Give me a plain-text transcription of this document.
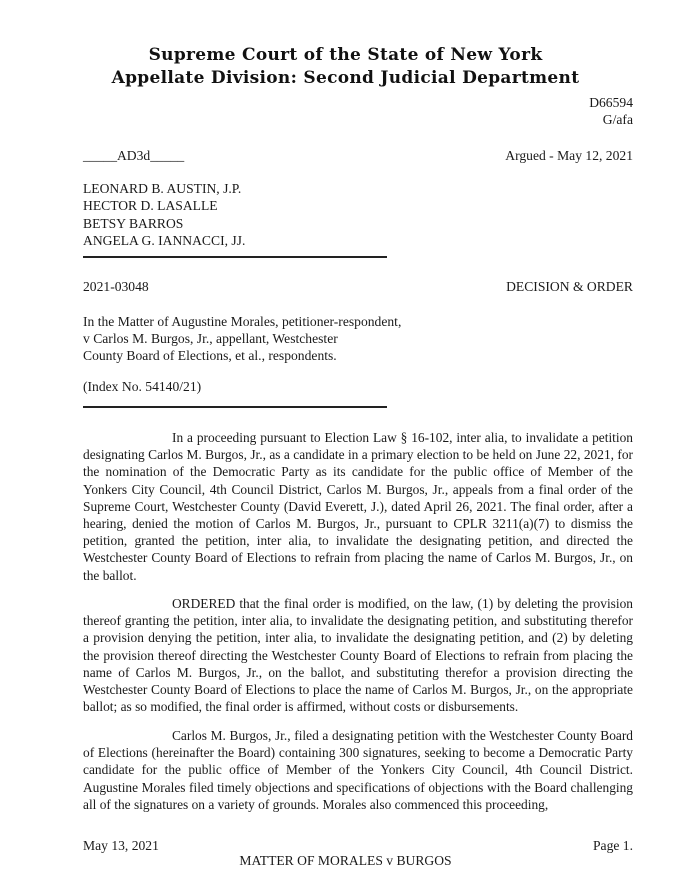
Supreme Court of the State of New York
Appellate Division: Second Judicial Department
D66594
G/afa
_____AD3d_____	Argued - May 12, 2021
LEONARD B. AUSTIN, J.P.
HECTOR D. LASALLE
BETSY BARROS
ANGELA G. IANNACCI, JJ.
2021-03048	DECISION & ORDER
In the Matter of Augustine Morales, petitioner-respondent,
v Carlos M. Burgos, Jr., appellant, Westchester
County Board of Elections, et al., respondents.
(Index No. 54140/21)
In a proceeding pursuant to Election Law § 16-102, inter alia, to invalidate a petition designating Carlos M. Burgos, Jr., as a candidate in a primary election to be held on June 22, 2021, for the nomination of the Democratic Party as its candidate for the public office of Member of the Yonkers City Council, 4th Council District, Carlos M. Burgos, Jr., appeals from a final order of the Supreme Court, Westchester County (David Everett, J.), dated April 26, 2021. The final order, after a hearing, denied the motion of Carlos M. Burgos, Jr., pursuant to CPLR 3211(a)(7) to dismiss the petition, granted the petition, inter alia, to invalidate the designating petition, and directed the Westchester County Board of Elections to refrain from placing the name of Carlos M. Burgos, Jr., on the ballot.
ORDERED that the final order is modified, on the law, (1) by deleting the provision thereof granting the petition, inter alia, to invalidate the designating petition, and substituting therefor a provision denying the petition, inter alia, to invalidate the designating petition, and (2) by deleting the provision thereof directing the Westchester County Board of Elections to refrain from placing the name of Carlos M. Burgos, Jr., on the ballot, and substituting therefor a provision directing the Westchester County Board of Elections to place the name of Carlos M. Burgos, Jr., on the appropriate ballot; as so modified, the final order is affirmed, without costs or disbursements.
Carlos M. Burgos, Jr., filed a designating petition with the Westchester County Board of Elections (hereinafter the Board) containing 300 signatures, seeking to become a Democratic Party candidate for the public office of Member of the Yonkers City Council, 4th Council District. Augustine Morales filed timely objections and specifications of objections with the Board challenging all of the signatures on a variety of grounds. Morales also commenced this proceeding,
May 13, 2021	Page 1.
MATTER OF MORALES v BURGOS
